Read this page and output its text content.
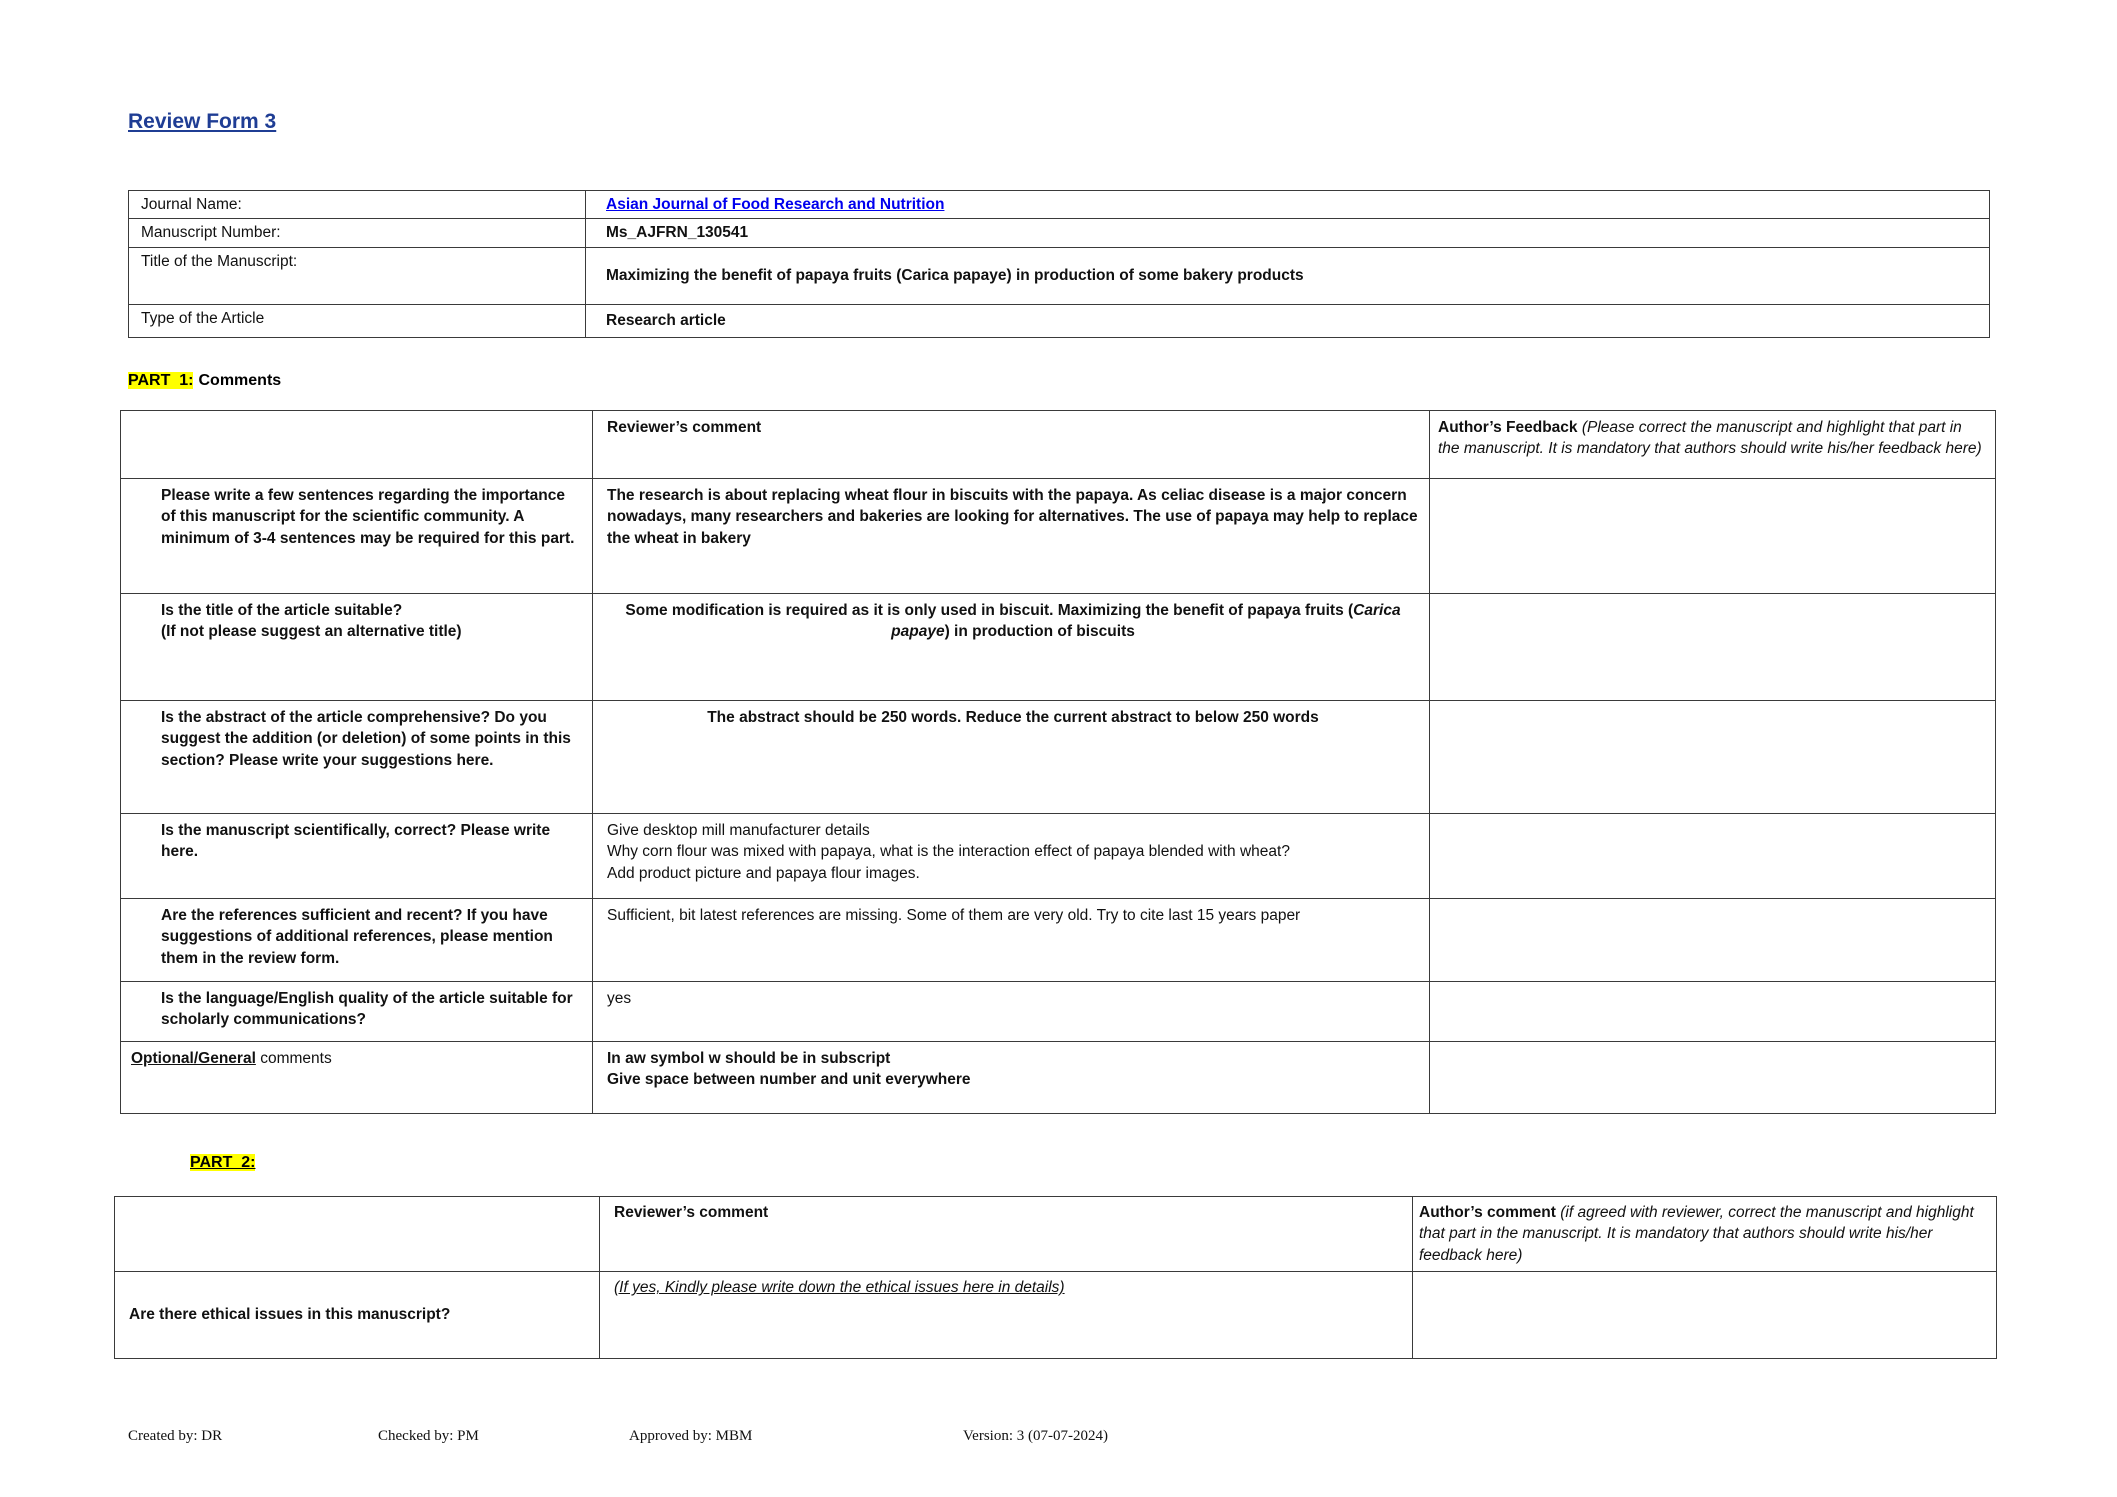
Review Form 3
Journal Name:	Asian Journal of Food Research and Nutrition
Manuscript Number:	Ms_AJFRN_130541
Title of the Manuscript:	Maximizing the benefit of papaya fruits (Carica papaye) in production of some bakery products
Type of the Article	Research article
PART  1: Comments
	Reviewer’s comment	Author’s Feedback (Please correct the manuscript and highlight that part in the manuscript. It is mandatory that authors should write his/her feedback here)
Please write a few sentences regarding the importance of this manuscript for the scientific community. A minimum of 3-4 sentences may be required for this part.	The research is about replacing wheat flour in biscuits with the papaya. As celiac disease is a major concern nowadays, many researchers and bakeries are looking for alternatives. The use of papaya may help to replace the wheat in bakery	

Is the title of the article suitable?
(If not please suggest an alternative title)	Some modification is required as it is only used in biscuit. Maximizing the benefit of papaya fruits (Carica papaye) in production of biscuits	
Is the abstract of the article comprehensive? Do you suggest the addition (or deletion) of some points in this section? Please write your suggestions here.	The abstract should be 250 words. Reduce the current abstract to below 250 words	
Is the manuscript scientifically, correct? Please write here.	Give desktop mill manufacturer details
Why corn flour was mixed with papaya, what is the interaction effect of papaya blended with wheat?
Add product picture and papaya flour images.	

Are the references sufficient and recent? If you have suggestions of additional references, please mention them in the review form.	Sufficient, bit latest references are missing. Some of them are very old. Try to cite last 15 years paper	
Is the language/English quality of the article suitable for scholarly communications?	yes	
Optional/General comments	In aw symbol w should be in subscript
Give space between number and unit everywhere	

PART  2:
	Reviewer’s comment	Author’s comment (if agreed with reviewer, correct the manuscript and highlight that part in the manuscript. It is mandatory that authors should write his/her feedback here)
Are there ethical issues in this manuscript?	(If yes, Kindly please write down the ethical issues here in details)	
Created by: DR	Checked by: PM	Approved by: MBM	Version: 3 (07-07-2024)
